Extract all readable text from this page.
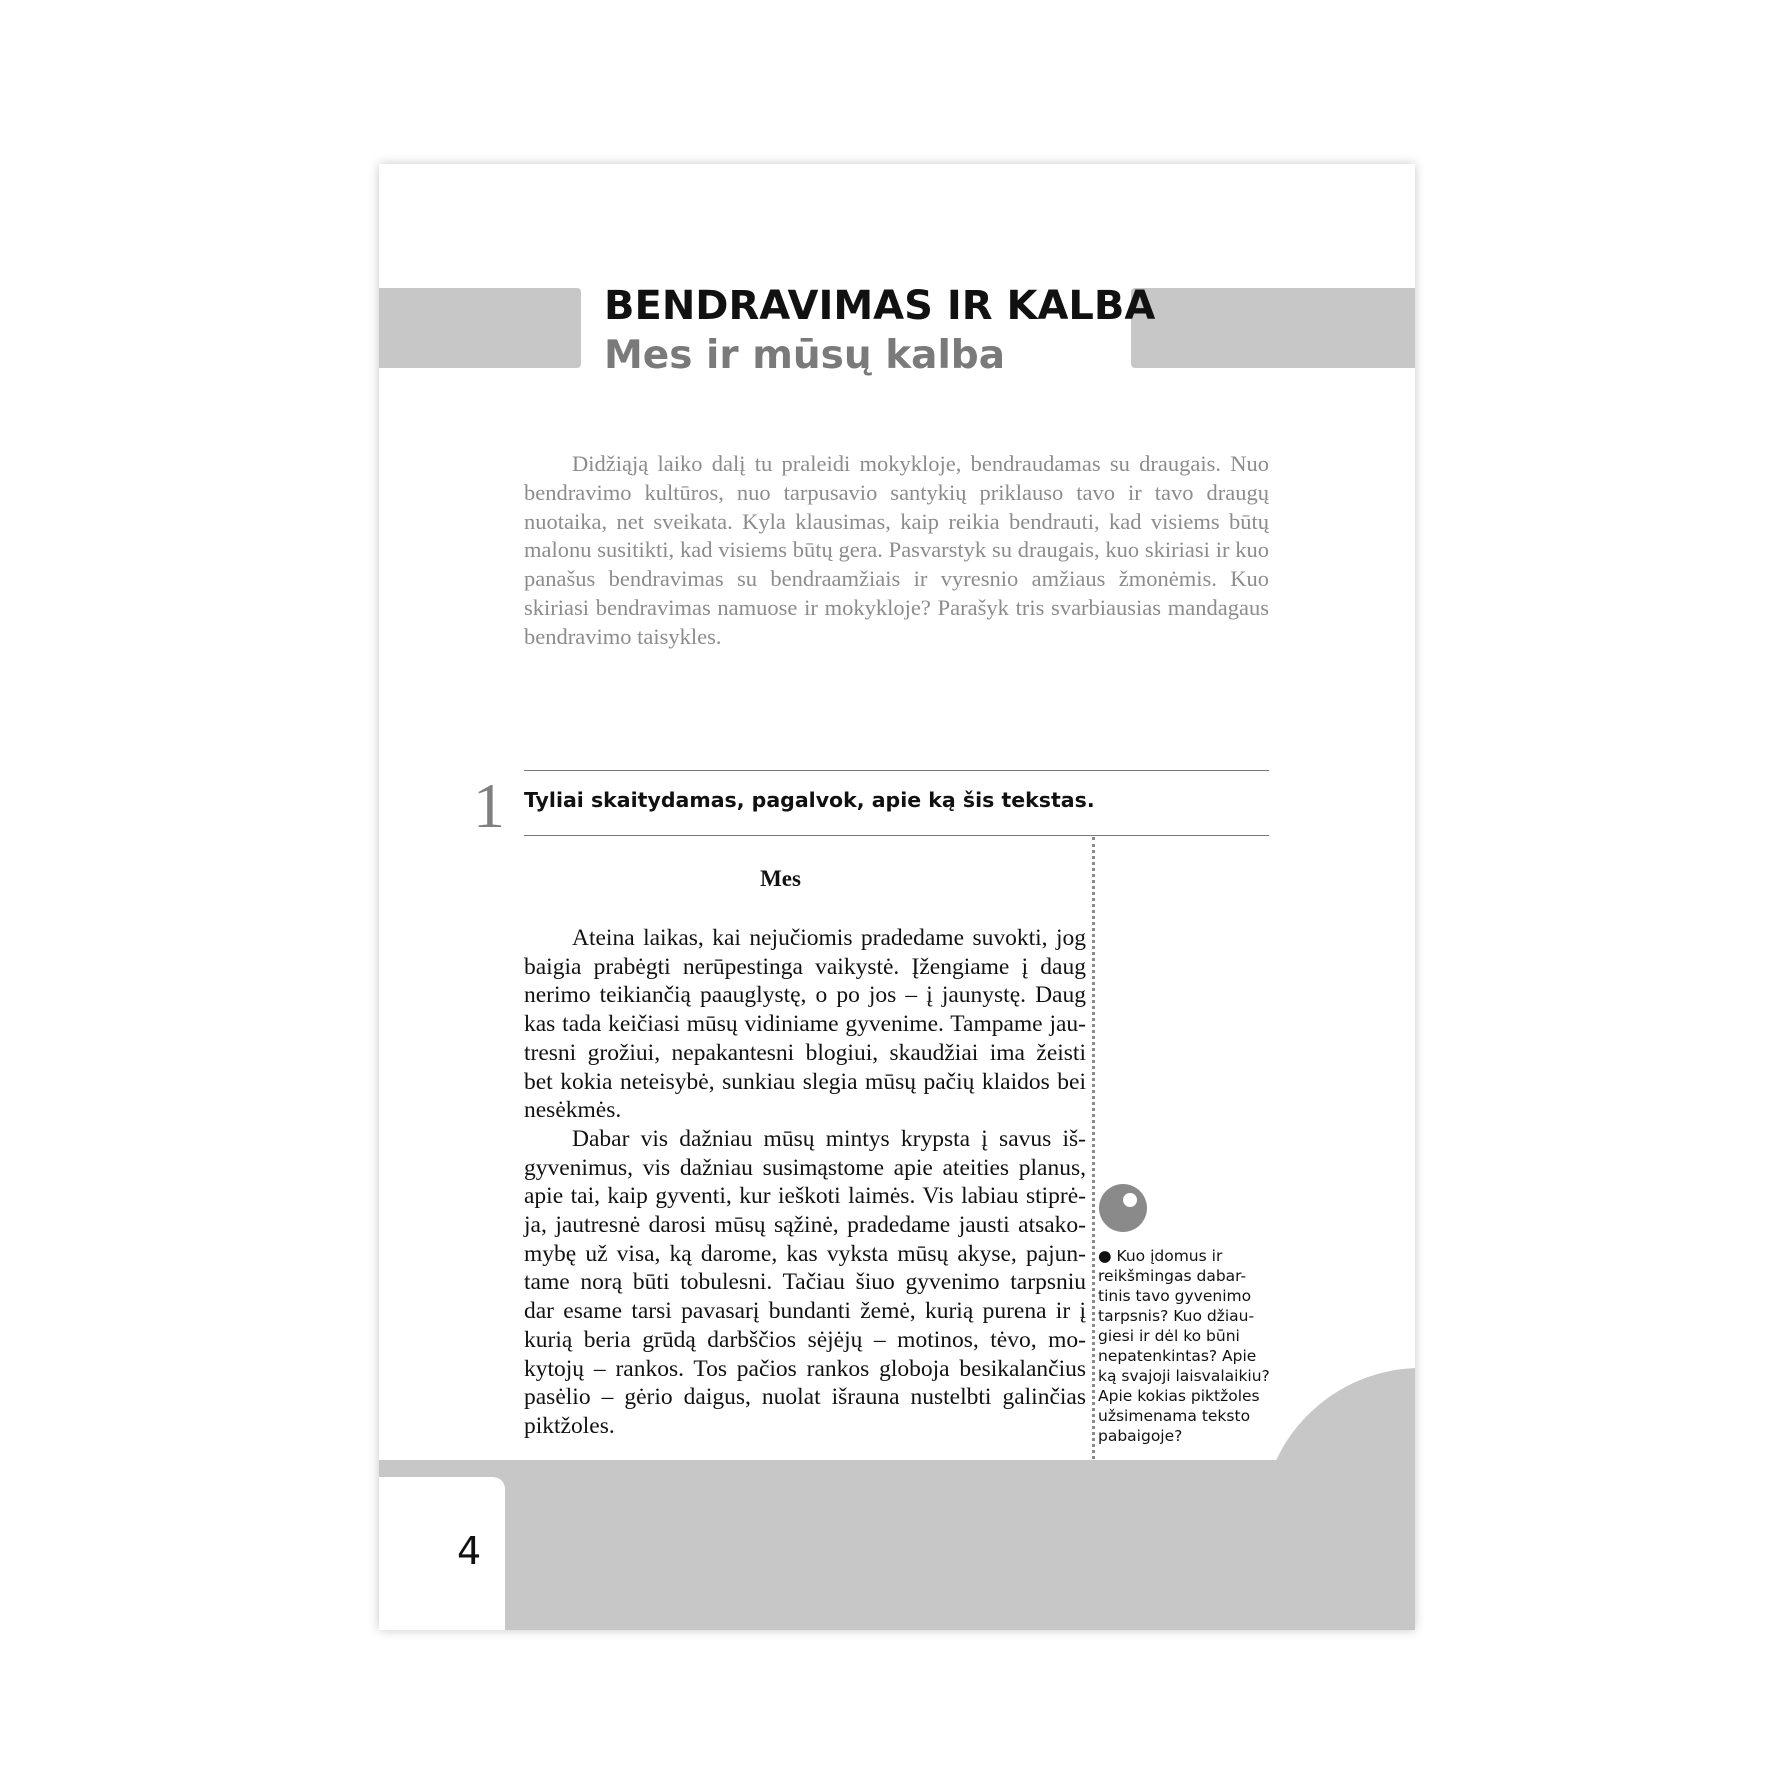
BENDRAVIMAS IR KALBA
Mes ir mūsų kalba

Didžiąją laiko dalį tu praleidi mokykloje, bendraudamas su draugais. Nuo bendravimo kultūros, nuo tarpusavio santykių priklauso tavo ir tavo draugų nuotaika, net sveikata. Kyla klausimas, kaip reikia bendrauti, kad visiems būtų malonu susitikti, kad visiems būtų gera. Pasvarstyk su draugais, kuo skiriasi ir kuo panašus bendravimas su bendraamžiais ir vyresnio amžiaus žmonėmis. Kuo skiriasi bendravimas namuose ir mokykloje? Parašyk tris svarbiausias mandagaus bendravimo taisykles.

1 Tyliai skaitydamas, pagalvok, apie ką šis tekstas.
Mes

Ateina laikas, kai nejučiomis pradedame suvokti, jog baigia prabėgti nerūpestinga vaikystė. Įžengiame į daug nerimo teikiančią paauglystę, o po jos – į jaunystę. Daug kas tada keičiasi mūsų vidiniame gyvenime. Tampame jautresni grožiui, nepakantesni blogiui, skaudžiai ima žeisti bet kokia neteisybė, sunkiau slegia mūsų pačių klaidos bei nesėkmės.

Dabar vis dažniau mūsų mintys krypsta į savus išgyvenimus, vis dažniau susimąstome apie ateities planus, apie tai, kaip gyventi, kur ieškoti laimės. Vis labiau stiprėja, jautresnė darosi mūsų sąžinė, pradedame jausti atsakomybę už visa, ką darome, kas vyksta mūsų akyse, pajuntame norą būti tobulesni. Tačiau šiuo gyvenimo tarpsniu dar esame tarsi pavasarį bundanti žemė, kurią purena ir į kurią beria grūdą darbščios sėjėjų – motinos, tėvo, mokytojų – rankos. Tos pačios rankos globoja besikalančius pasėlio – gėrio daigus, nuolat išrauna nustelbti galinčias piktžoles.

● Kuo įdomus ir
reikšmingas dabar-
tinis tavo gyvenimo
tarpsnis? Kuo džiau-
giesi ir dėl ko būni
nepatenkintas? Apie
ką svajoji laisvalaikiu?
Apie kokias piktžoles
užsimenama teksto
pabaigoje?

4
